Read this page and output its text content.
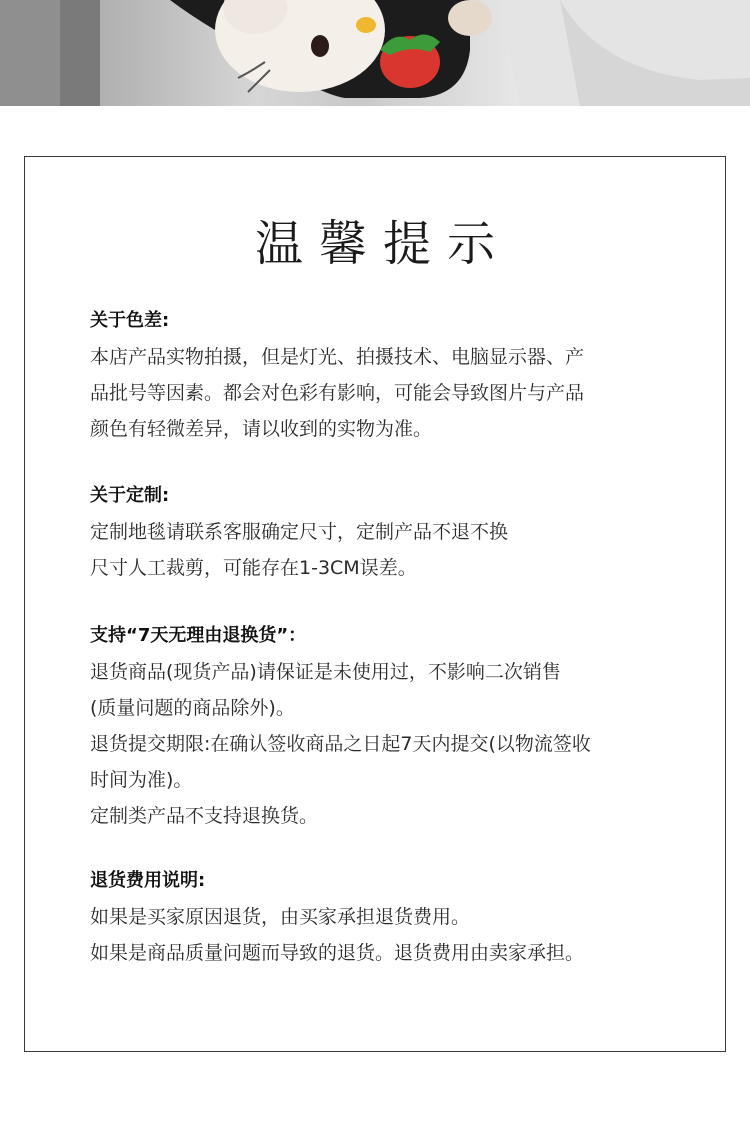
温馨提示
关于色差:
本店产品实物拍摄，但是灯光、拍摄技术、电脑显示器、产
品批号等因素。都会对色彩有影响，可能会导致图片与产品
颜色有轻微差异，请以收到的实物为准。
关于定制:
定制地毯请联系客服确定尺寸，定制产品不退不换
尺寸人工裁剪，可能存在1-3CM误差。
支持“7天无理由退换货”：
退货商品(现货产品)请保证是未使用过，不影响二次销售
(质量问题的商品除外)。
退货提交期限:在确认签收商品之日起7天内提交(以物流签收
时间为准)。
定制类产品不支持退换货。
退货费用说明:
如果是买家原因退货，由买家承担退货费用。
如果是商品质量问题而导致的退货。退货费用由卖家承担。
